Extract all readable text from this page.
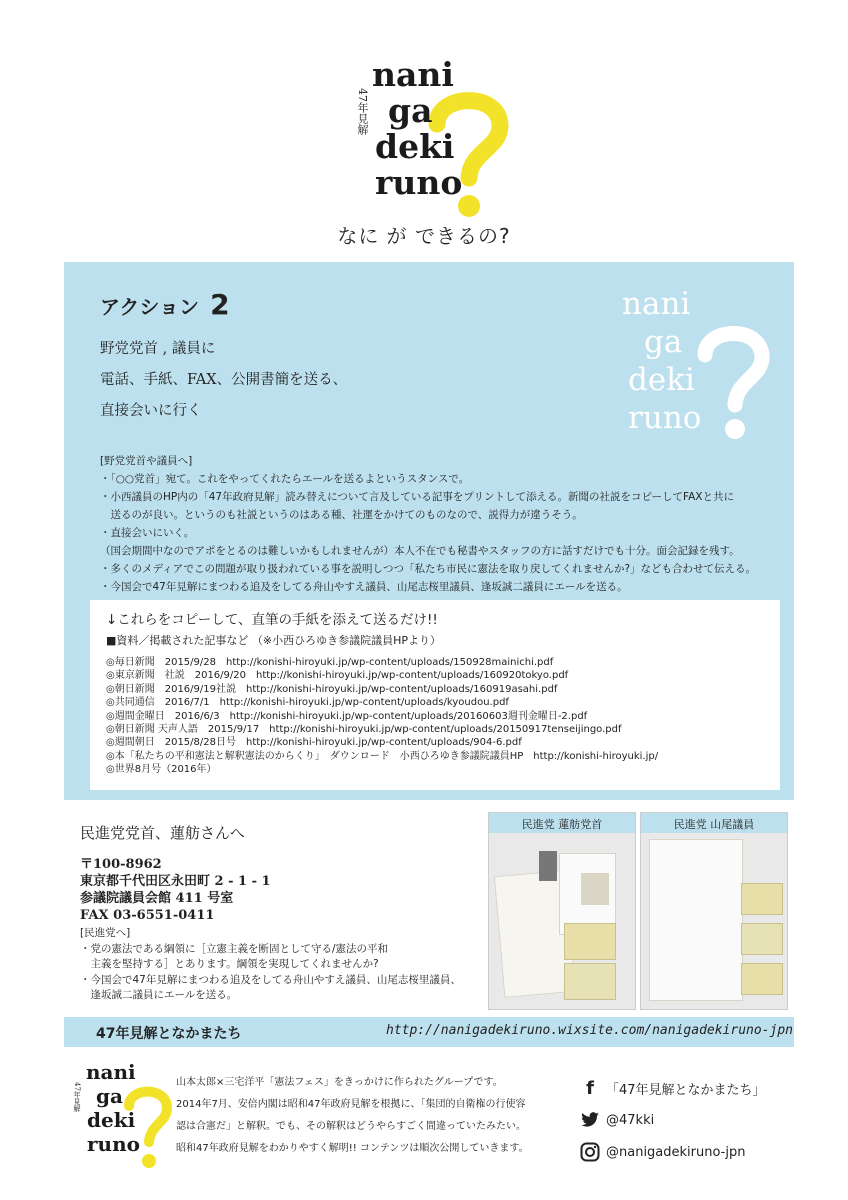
nani
ga
deki
runo
47年見解
なに が できるの?
アクション 2
野党党首 , 議員に
電話、手紙、FAX、公開書簡を送る、
直接会いに行く
nani
ga
deki
runo
[野党党首や議員へ]
・「○○党首」宛て。これをやってくれたらエールを送るよというスタンスで。
・小西議員のHP内の「47年政府見解」読み替えについて言及している記事をプリントして添える。新聞の社説をコピーしてFAXと共に
　送るのが良い。というのも社説というのはある種、社運をかけてのものなので、説得力が違うそう。
・直接会いにいく。
（国会期間中なのでアポをとるのは難しいかもしれませんが）本人不在でも秘書やスタッフの方に話すだけでも十分。面会記録を残す。
・多くのメディアでこの問題が取り扱われている事を説明しつつ「私たち市民に憲法を取り戻してくれませんか?」なども合わせて伝える。
・今国会で47年見解にまつわる追及をしてる舟山やすえ議員、山尾志桜里議員、逢坂誠二議員にエールを送る。
↓これらをコピーして、直筆の手紙を添えて送るだけ!!
■資料／掲載された記事など （※小西ひろゆき参議院議員HPより）
◎毎日新聞　2015/9/28　http://konishi-hiroyuki.jp/wp-content/uploads/150928mainichi.pdf
◎東京新聞　社説　2016/9/20　http://konishi-hiroyuki.jp/wp-content/uploads/160920tokyo.pdf
◎朝日新聞　2016/9/19社説　http://konishi-hiroyuki.jp/wp-content/uploads/160919asahi.pdf
◎共同通信　2016/7/1　http://konishi-hiroyuki.jp/wp-content/uploads/kyoudou.pdf
◎週間金曜日　2016/6/3　http://konishi-hiroyuki.jp/wp-content/uploads/20160603週刊金曜日-2.pdf
◎朝日新聞 天声人語　2015/9/17　http://konishi-hiroyuki.jp/wp-content/uploads/20150917tenseijingo.pdf
◎週間朝日　2015/8/28日号　http://konishi-hiroyuki.jp/wp-content/uploads/904-6.pdf
◎本「私たちの平和憲法と解釈憲法のからくり」　ダウンロード　小西ひろゆき参議院議員HP　http://konishi-hiroyuki.jp/
◎世界8月号（2016年）
民進党党首、蓮舫さんへ
〒100-8962
東京都千代田区永田町 2 - 1 - 1
参議院議員会館 411 号室
FAX 03-6551-0411
[民進党へ]
・党の憲法である綱領に［立憲主義を断固として守る/憲法の平和
　主義を堅持する］とあります。綱領を実現してくれませんか?
・今国会で47年見解にまつわる追及をしてる舟山やすえ議員、山尾志桜里議員、
　逢坂誠二議員にエールを送る。
民進党 蓮舫党首	民進党 山尾議員
47年見解となかまたち	http://nanigadekiruno.wixsite.com/nanigadekiruno-jpn
nani
ga
deki
runo
47年見解	山本太郎×三宅洋平「憲法フェス」をきっかけに作られたグループです。
2014年7月、安倍内閣は昭和47年政府見解を根拠に、「集団的自衛権の行使容
認は合憲だ」と解釈。でも、その解釈はどうやらすごく間違っていたみたい。
昭和47年政府見解をわかりやすく解明!! コンテンツは順次公開していきます。
f 「47年見解となかまたち」
@47kki
@nanigadekiruno-jpn
